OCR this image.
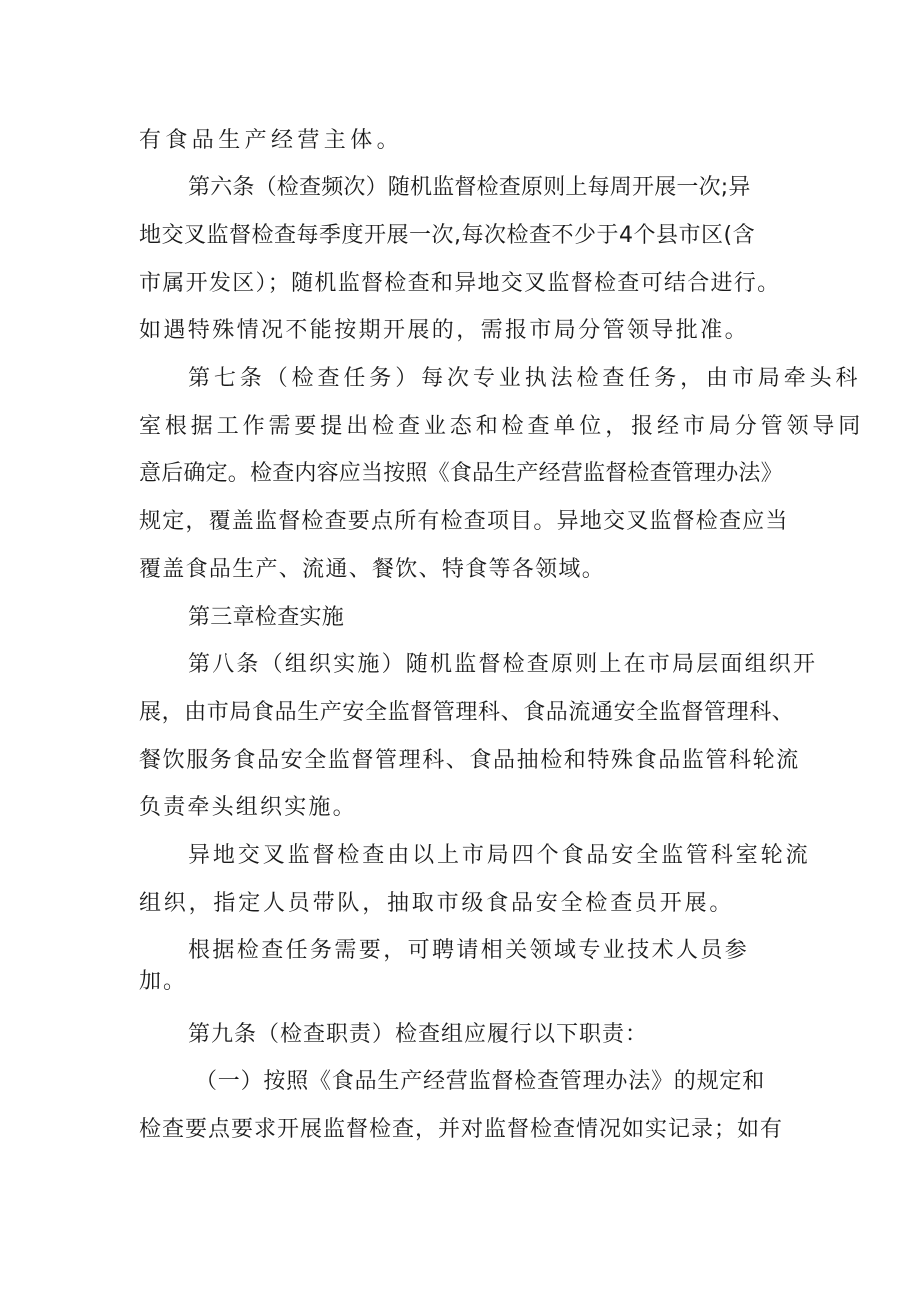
有食品生产经营主体。
第六条（检查频次）随机监督检查原则上每周开展一次;异
地交叉监督检查每季度开展一次,每次检查不少于4个县市区(含
市属开发区）；随机监督检查和异地交叉监督检查可结合进行。
如遇特殊情况不能按期开展的，需报市局分管领导批准。
第七条（检查任务）每次专业执法检查任务，由市局牵头科
室根据工作需要提出检查业态和检查单位，报经市局分管领导同
意后确定。检查内容应当按照《食品生产经营监督检查管理办法》
规定，覆盖监督检查要点所有检查项目。异地交叉监督检查应当
覆盖食品生产、流通、餐饮、特食等各领域。
第三章检查实施
第八条（组织实施）随机监督检查原则上在市局层面组织开
展，由市局食品生产安全监督管理科、食品流通安全监督管理科、
餐饮服务食品安全监督管理科、食品抽检和特殊食品监管科轮流
负责牵头组织实施。
异地交叉监督检查由以上市局四个食品安全监管科室轮流
组织，指定人员带队，抽取市级食品安全检查员开展。
根据检查任务需要，可聘请相关领域专业技术人员参
加。
第九条（检查职责）检查组应履行以下职责：
（一）按照《食品生产经营监督检查管理办法》的规定和
检查要点要求开展监督检查，并对监督检查情况如实记录；如有
